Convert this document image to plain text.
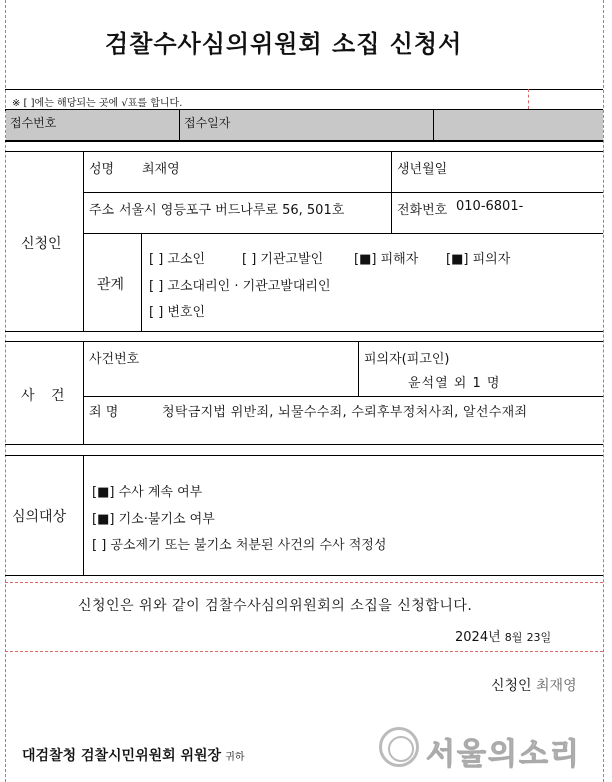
검찰수사심의위원회 소집 신청서
※ [ ]에는 해당되는 곳에 √표를 합니다.
접수번호	접수일자
신청인
성명 최재영	생년월일
주소 서울시 영등포구 버드나루로 56, 501호	전화번호 010-6801-
관계
[ ] 고소인	[ ] 기관고발인 [■] 피해자 [■] 피의자
[ ] 고소대리인 · 기관고발대리인
[ ] 변호인
사 건
사건번호	피의자(피고인)
윤석열 외 1 명
죄 명	청탁금지법 위반죄, 뇌물수수죄, 수뢰후부정처사죄, 알선수재죄
심의대상
[■] 수사 계속 여부
[■] 기소·불기소 여부
[ ] 공소제기 또는 불기소 처분된 사건의 수사 적정성
신청인은 위와 같이 검찰수사심의위원회의 소집을 신청합니다.
2024년 8월 23일
신청인 최재영
대검찰청 검찰시민위원회 위원장 귀하	서울의소리
